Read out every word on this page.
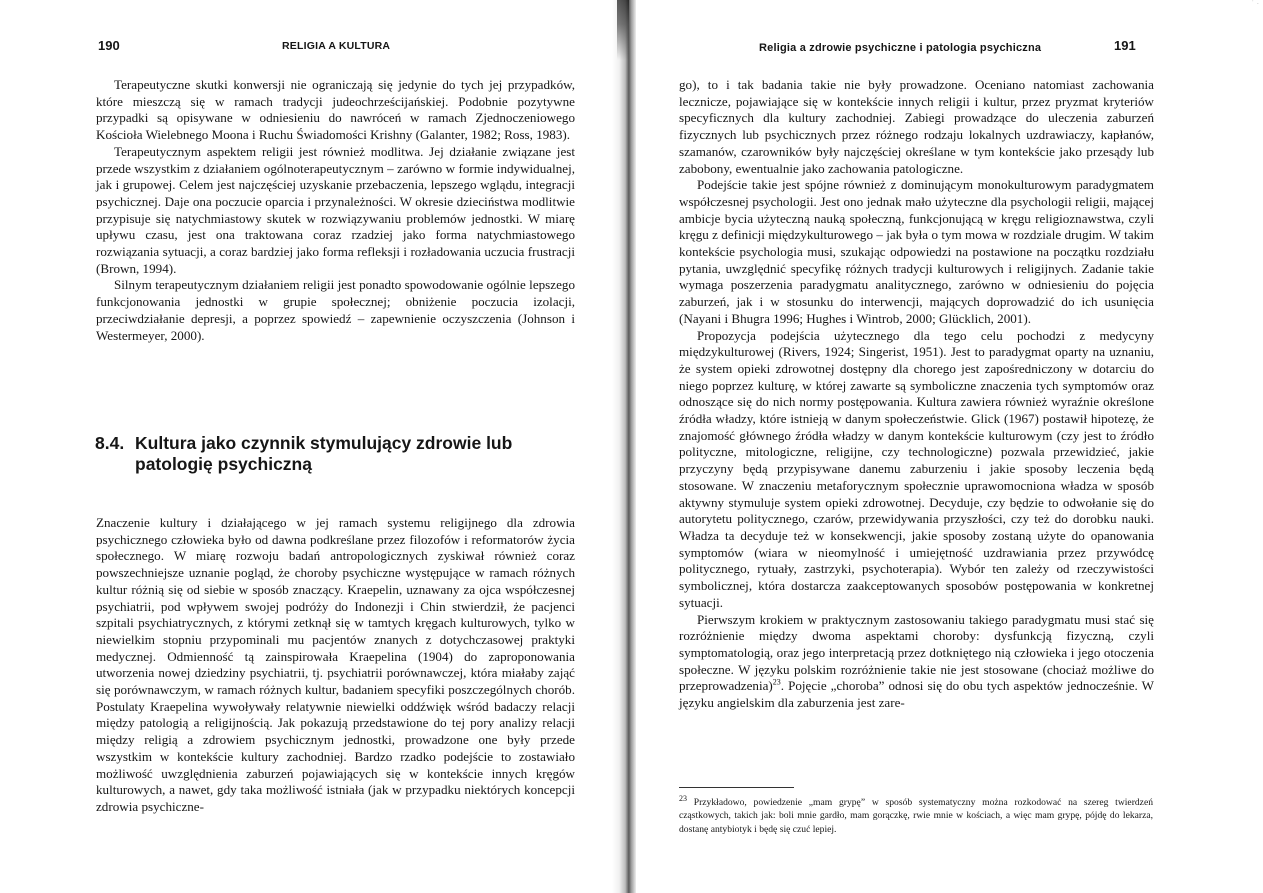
˙ ·
190	RELIGIA A KULTURA

Terapeutyczne skutki konwersji nie ograniczają się jedynie do tych jej przypadków, które mieszczą się w ramach tradycji judeochrześcijańskiej. Podobnie pozytywne przypadki są opisywane w odniesieniu do nawróceń w ramach Zjednoczeniowego Kościoła Wielebnego Moona i Ruchu Świadomości Krishny (Galanter, 1982; Ross, 1983).

Terapeutycznym aspektem religii jest również modlitwa. Jej działanie związane jest przede wszystkim z działaniem ogólnoterapeutycznym – zarówno w formie indywidualnej, jak i grupowej. Celem jest najczęściej uzyskanie przebaczenia, lepszego wglądu, integracji psychicznej. Daje ona poczucie oparcia i przynależności. W okresie dzieciństwa modlitwie przypisuje się natychmiastowy skutek w rozwiązywaniu problemów jednostki. W miarę upływu czasu, jest ona traktowana coraz rzadziej jako forma natychmiastowego rozwiązania sytuacji, a coraz bardziej jako forma refleksji i rozładowania uczucia frustracji (Brown, 1994).

Silnym terapeutycznym działaniem religii jest ponadto spowodowanie ogólnie lepszego funkcjonowania jednostki w grupie społecznej; obniżenie poczucia izolacji, przeciwdziałanie depresji, a poprzez spowiedź – zapewnienie oczyszczenia (Johnson i Westermeyer, 2000).

8.4. Kultura jako czynnik stymulujący zdrowie lub patologię psychiczną

Znaczenie kultury i działającego w jej ramach systemu religijnego dla zdrowia psychicznego człowieka było od dawna podkreślane przez filozofów i reformatorów życia społecznego. W miarę rozwoju badań antropologicznych zyskiwał również coraz powszechniejsze uznanie pogląd, że choroby psychiczne występujące w ramach różnych kultur różnią się od siebie w sposób znaczący. Kraepelin, uznawany za ojca współczesnej psychiatrii, pod wpływem swojej podróży do Indonezji i Chin stwierdził, że pacjenci szpitali psychiatrycznych, z którymi zetknął się w tamtych kręgach kulturowych, tylko w niewielkim stopniu przypominali mu pacjentów znanych z dotychczasowej praktyki medycznej. Odmienność tą zainspirowała Kraepelina (1904) do zaproponowania utworzenia nowej dziedziny psychiatrii, tj. psychiatrii porównawczej, która miałaby zająć się porównawczym, w ramach różnych kultur, badaniem specyfiki poszczególnych chorób. Postulaty Kraepelina wywoływały relatywnie niewielki oddźwięk wśród badaczy relacji między patologią a religijnością. Jak pokazują przedstawione do tej pory analizy relacji między religią a zdrowiem psychicznym jednostki, prowadzone one były przede wszystkim w kontekście kultury zachodniej. Bardzo rzadko podejście to zostawiało możliwość uwzględnienia zaburzeń pojawiających się w kontekście innych kręgów kulturowych, a nawet, gdy taka możliwość istniała (jak w przypadku niektórych koncepcji zdrowia psychiczne-

Religia a zdrowie psychiczne i patologia psychiczna	191

go), to i tak badania takie nie były prowadzone. Oceniano natomiast zachowania lecznicze, pojawiające się w kontekście innych religii i kultur, przez pryzmat kryteriów specyficznych dla kultury zachodniej. Zabiegi prowadzące do uleczenia zaburzeń fizycznych lub psychicznych przez różnego rodzaju lokalnych uzdrawiaczy, kapłanów, szamanów, czarowników były najczęściej określane w tym kontekście jako przesądy lub zabobony, ewentualnie jako zachowania patologiczne.

Podejście takie jest spójne również z dominującym monokulturowym paradygmatem współczesnej psychologii. Jest ono jednak mało użyteczne dla psychologii religii, mającej ambicje bycia użyteczną nauką społeczną, funkcjonującą w kręgu religioznawstwa, czyli kręgu z definicji międzykulturowego – jak była o tym mowa w rozdziale drugim. W takim kontekście psychologia musi, szukając odpowiedzi na postawione na początku rozdziału pytania, uwzględnić specyfikę różnych tradycji kulturowych i religijnych. Zadanie takie wymaga poszerzenia paradygmatu analitycznego, zarówno w odniesieniu do pojęcia zaburzeń, jak i w stosunku do interwencji, mających doprowadzić do ich usunięcia (Nayani i Bhugra 1996; Hughes i Wintrob, 2000; Glücklich, 2001).

Propozycja podejścia użytecznego dla tego celu pochodzi z medycyny międzykulturowej (Rivers, 1924; Singerist, 1951). Jest to paradygmat oparty na uznaniu, że system opieki zdrowotnej dostępny dla chorego jest zapośredniczony w dotarciu do niego poprzez kulturę, w której zawarte są symboliczne znaczenia tych symptomów oraz odnoszące się do nich normy postępowania. Kultura zawiera również wyraźnie określone źródła władzy, które istnieją w danym społeczeństwie. Glick (1967) postawił hipotezę, że znajomość głównego źródła władzy w danym kontekście kulturowym (czy jest to źródło polityczne, mitologiczne, religijne, czy technologiczne) pozwala przewidzieć, jakie przyczyny będą przypisywane danemu zaburzeniu i jakie sposoby leczenia będą stosowane. W znaczeniu metaforycznym społecznie uprawomocniona władza w sposób aktywny stymuluje system opieki zdrowotnej. Decyduje, czy będzie to odwołanie się do autorytetu politycznego, czarów, przewidywania przyszłości, czy też do dorobku nauki. Władza ta decyduje też w konsekwencji, jakie sposoby zostaną użyte do opanowania symptomów (wiara w nieomylność i umiejętność uzdrawiania przez przywódcę politycznego, rytuały, zastrzyki, psychoterapia). Wybór ten zależy od rzeczywistości symbolicznej, która dostarcza zaakceptowanych sposobów postępowania w konkretnej sytuacji.

Pierwszym krokiem w praktycznym zastosowaniu takiego paradygmatu musi stać się rozróżnienie między dwoma aspektami choroby: dysfunkcją fizyczną, czyli symptomatologią, oraz jego interpretacją przez dotkniętego nią człowieka i jego otoczenia społeczne. W języku polskim rozróżnienie takie nie jest stosowane (chociaż możliwe do przeprowadzenia)$^{23}$. Pojęcie „choroba” odnosi się do obu tych aspektów jednocześnie. W języku angielskim dla zaburzenia jest zare-

$^{23}$ Przykładowo, powiedzenie „mam grypę” w sposób systematyczny można rozkodować na szereg twierdzeń cząstkowych, takich jak: boli mnie gardło, mam gorączkę, rwie mnie w kościach, a więc mam grypę, pójdę do lekarza, dostanę antybiotyk i będę się czuć lepiej.
